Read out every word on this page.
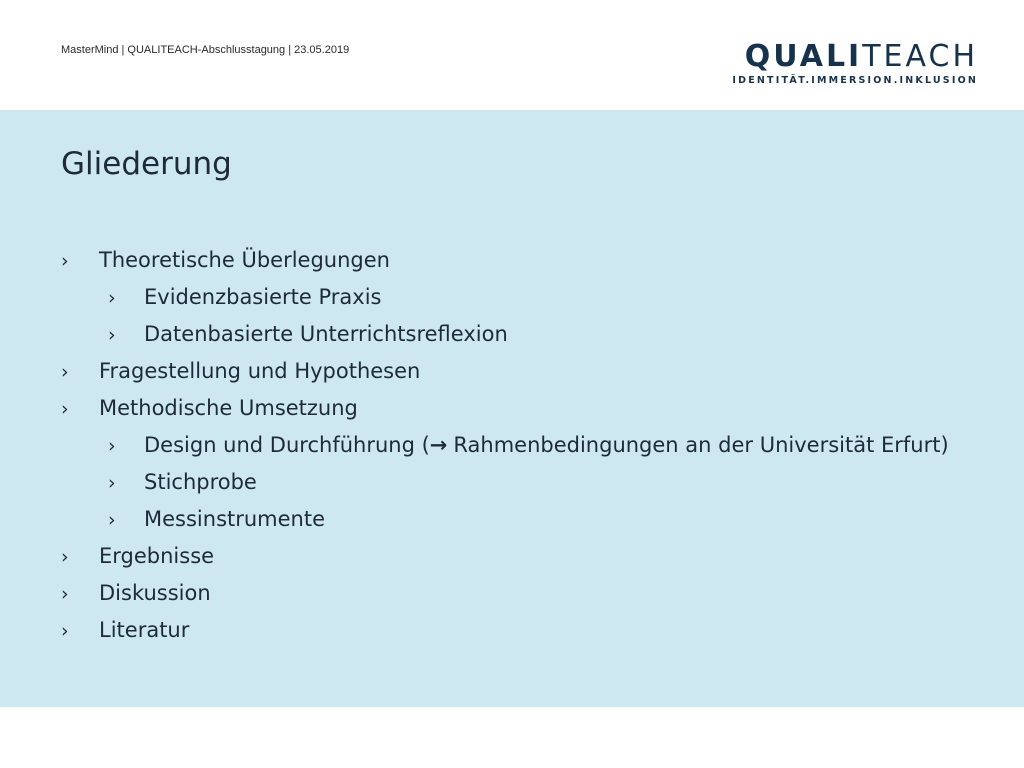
MasterMind | QUALITEACH-Abschlusstagung | 23.05.2019	QUALITEACH
IDENTITÄT.IMMERSION.INKLUSION
Gliederung
› Theoretische Überlegungen
› Evidenzbasierte Praxis
› Datenbasierte Unterrichtsreflexion
› Fragestellung und Hypothesen
› Methodische Umsetzung
› Design und Durchführung (→ Rahmenbedingungen an der Universität Erfurt)
› Stichprobe
› Messinstrumente
› Ergebnisse
› Diskussion
› Literatur
